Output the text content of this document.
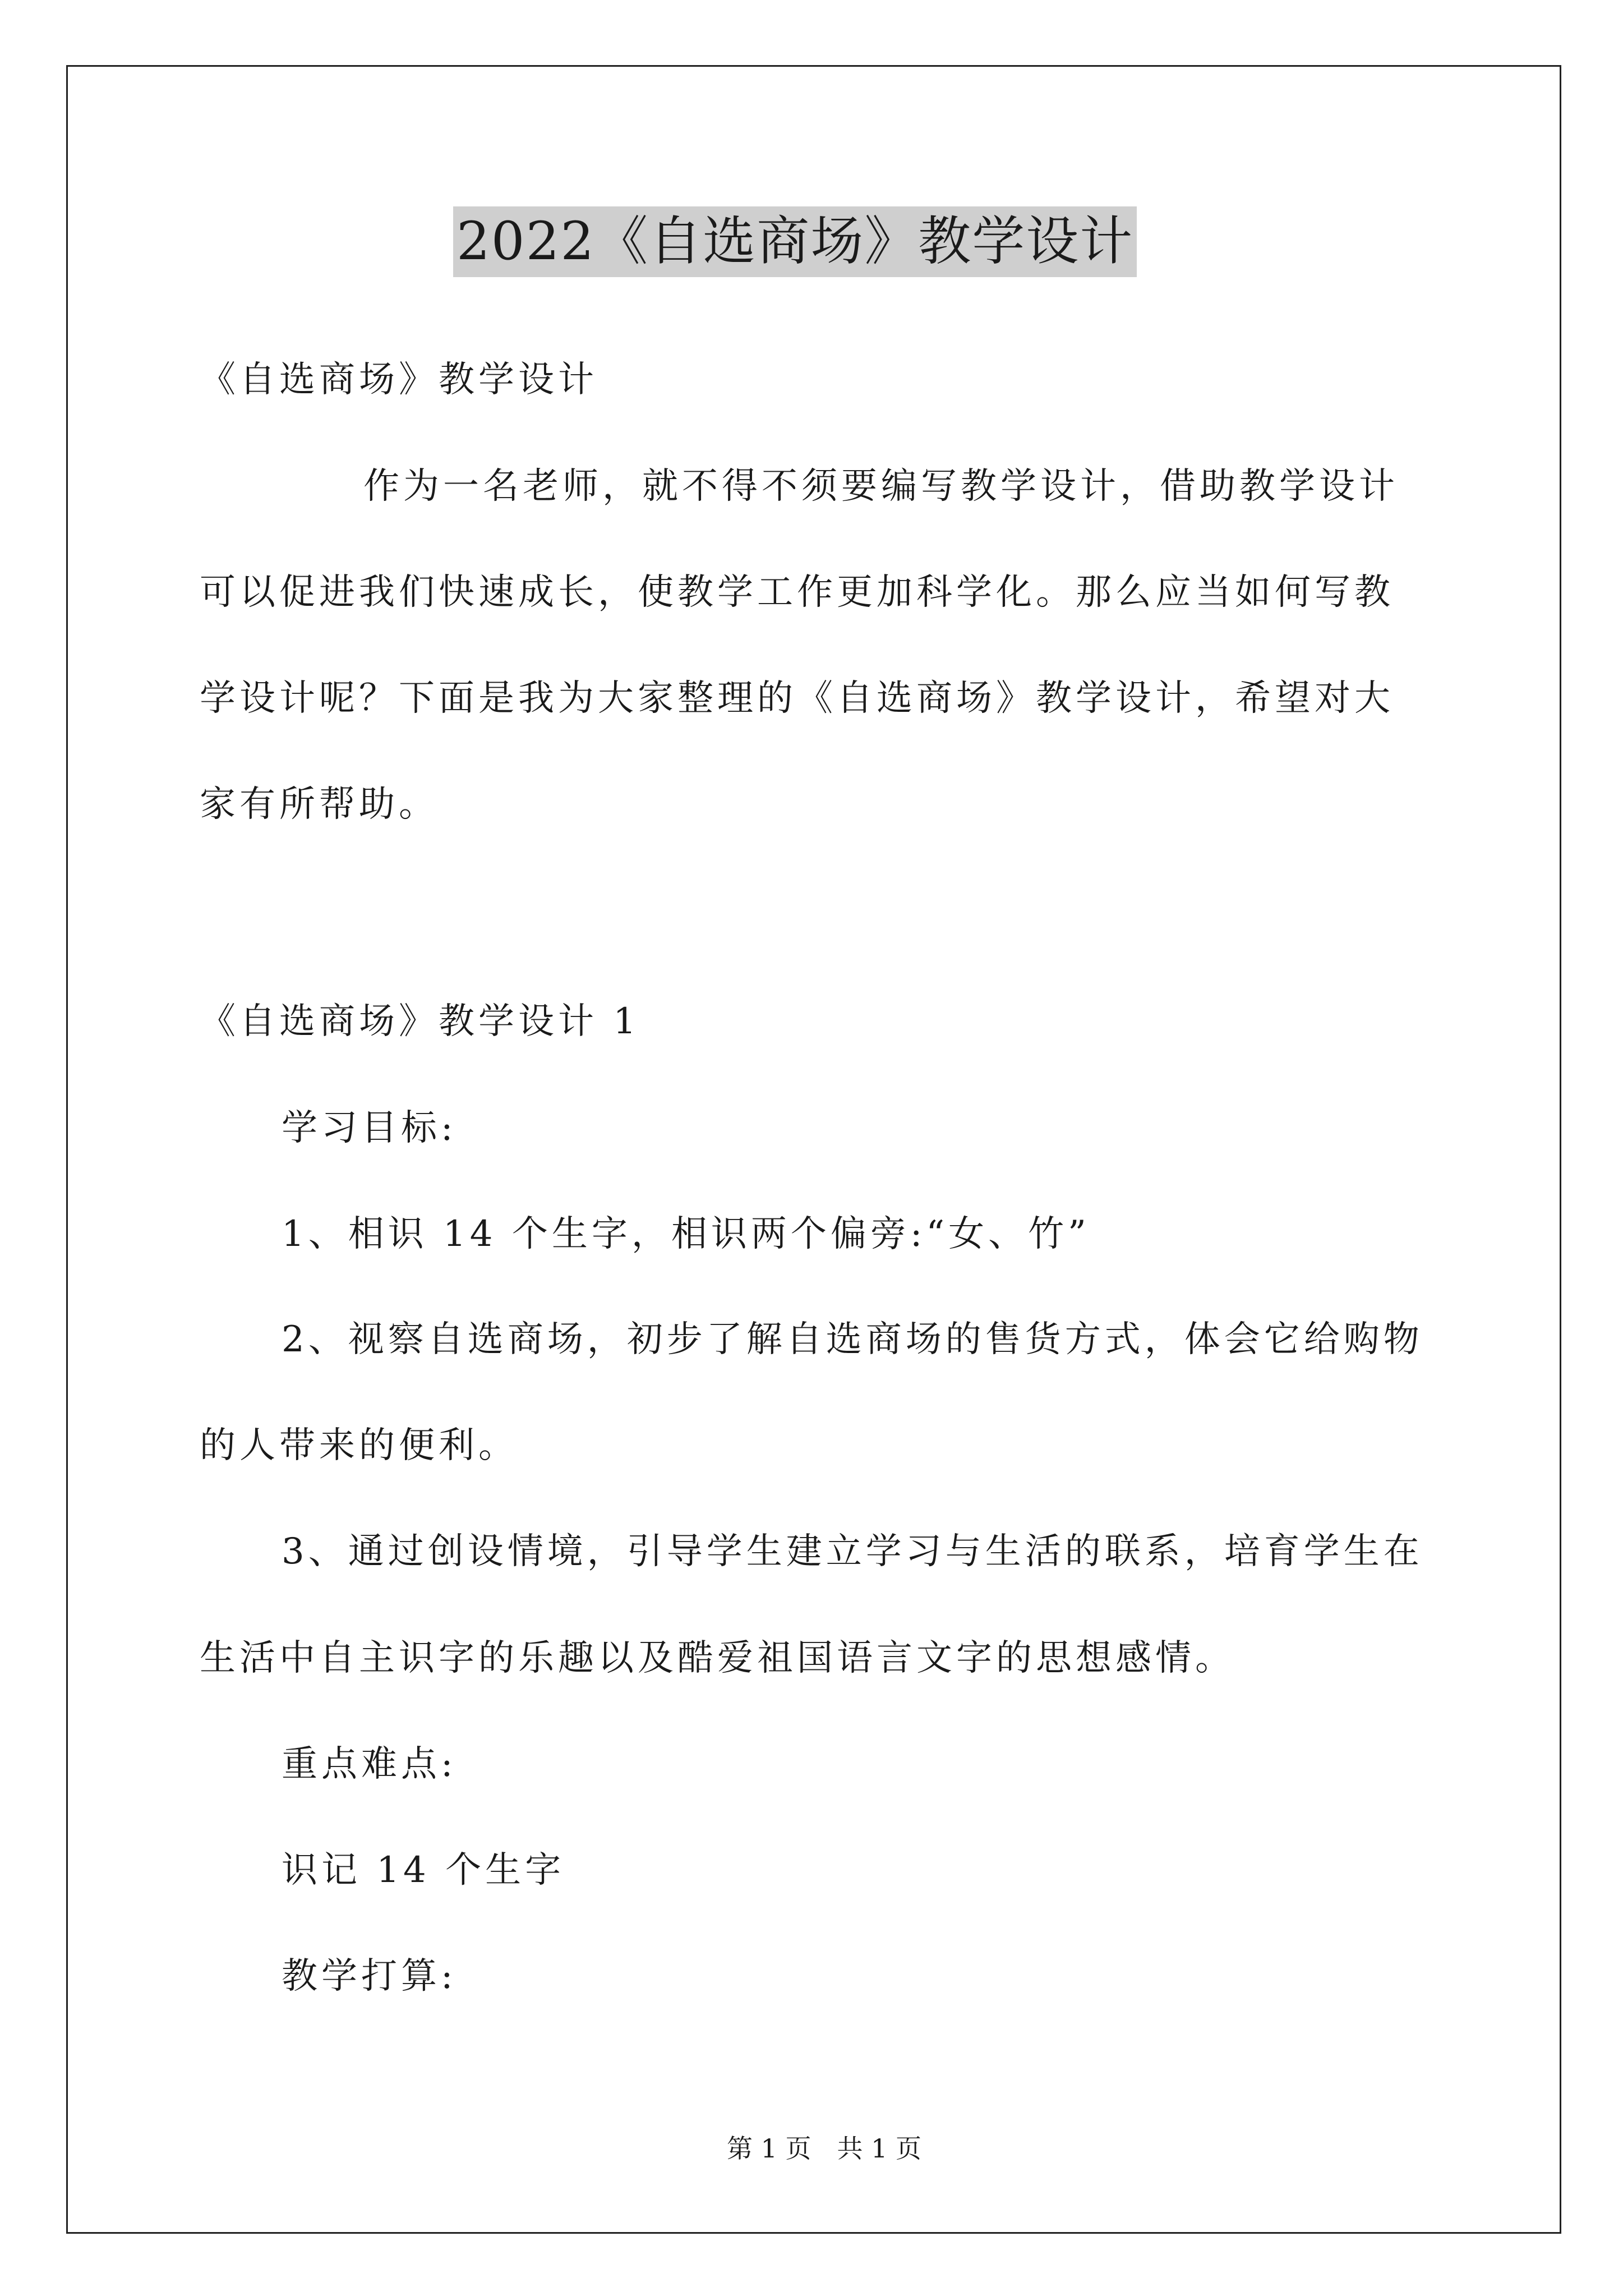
2022《自选商场》教学设计
《自选商场》教学设计
作为一名老师，就不得不须要编写教学设计，借助教学设计
可以促进我们快速成长，使教学工作更加科学化。那么应当如何写教
学设计呢？下面是我为大家整理的《自选商场》教学设计，希望对大
家有所帮助。
《自选商场》教学设计 1
学习目标:
1、相识 14 个生字，相识两个偏旁:“女、竹”
2、视察自选商场，初步了解自选商场的售货方式，体会它给购物
的人带来的便利。
3、通过创设情境，引导学生建立学习与生活的联系，培育学生在
生活中自主识字的乐趣以及酷爱祖国语言文字的思想感情。
重点难点:
识记 14 个生字
教学打算:
第 1 页　共 1 页
